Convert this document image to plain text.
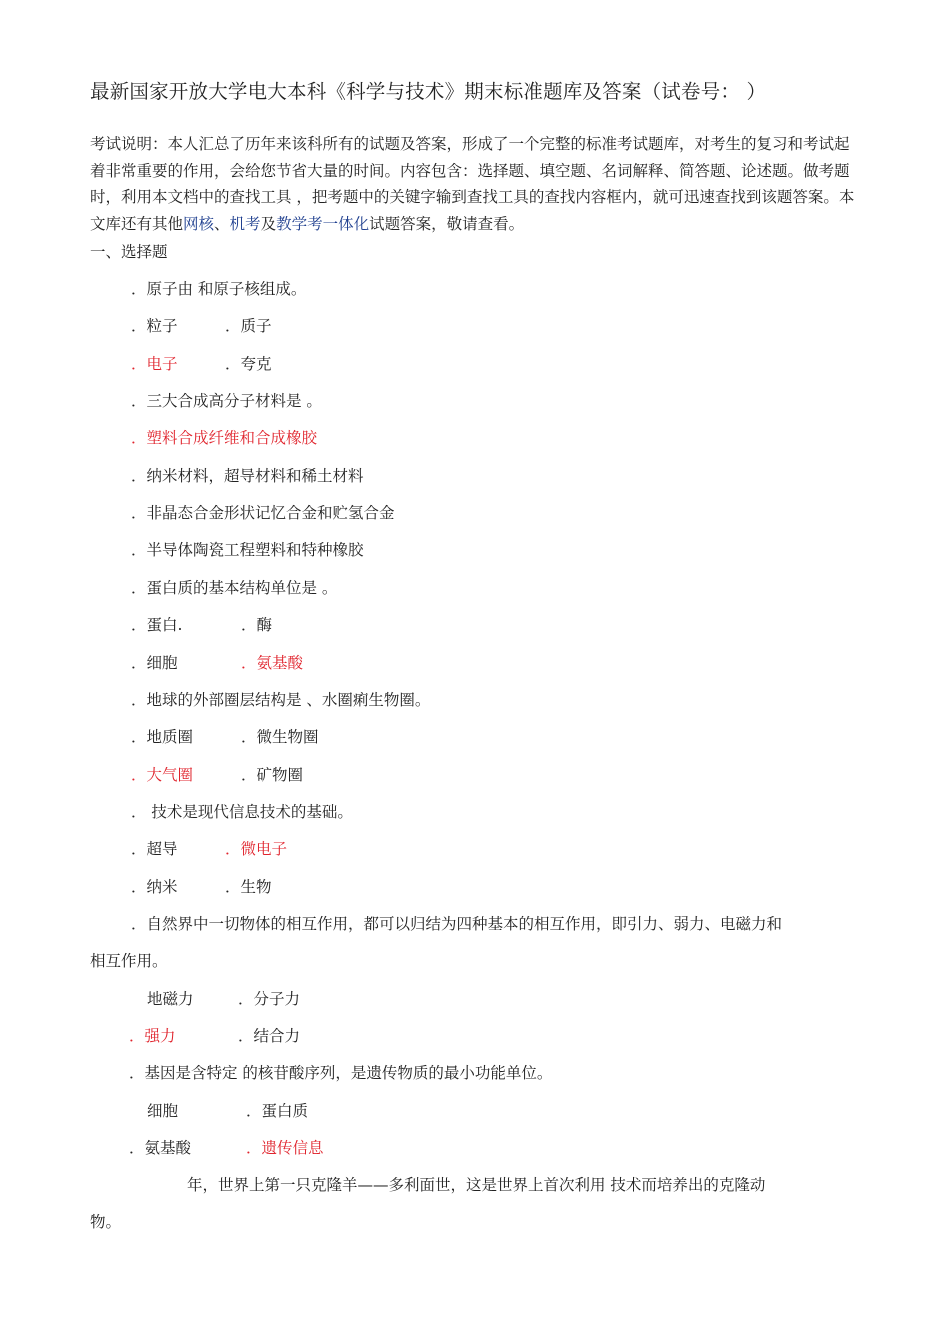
最新国家开放大学电大本科《科学与技术》期末标准题库及答案（试卷号： ）

考试说明：本人汇总了历年来该科所有的试题及答案，形成了一个完整的标准考试题库，对考生的复习和考试起着非常重要的作用，会给您节省大量的时间。内容包含：选择题、填空题、名词解释、简答题、论述题。做考题时，利用本文档中的查找工具 ，把考题中的关键字输到查找工具的查找内容框内，就可迅速查找到该题答案。本文库还有其他网核、机考及教学考一体化试题答案，敬请查看。

一、选择题
．原子由 和原子核组成。
．粒子	．质子
．电子	．夸克
．三大合成高分子材料是 。
．塑料合成纤维和合成橡胶
．纳米材料，超导材料和稀土材料
．非晶态合金形状记忆合金和贮氢合金
．半导体陶瓷工程塑料和特种橡胶
．蛋白质的基本结构单位是 。
．蛋白.	．酶
．细胞	．氨基酸
．地球的外部圈层结构是 、水圈痢生物圈。
．地质圈	．微生物圈
．大气圈	．矿物圈
． 技术是现代信息技术的基础。
．超导	．微电子
．纳米	．生物
．自然界中一切物体的相互作用，都可以归结为四种基本的相互作用，即引力、弱力、电磁力和
相互作用。
地磁力	．分子力
．强力	．结合力
．基因是含特定 的核苷酸序列，是遗传物质的最小功能单位。
细胞	．蛋白质
．氨基酸	．遗传信息
年，世界上第一只克隆羊——多利面世，这是世界上首次利用 技术而培养出的克隆动
物。
